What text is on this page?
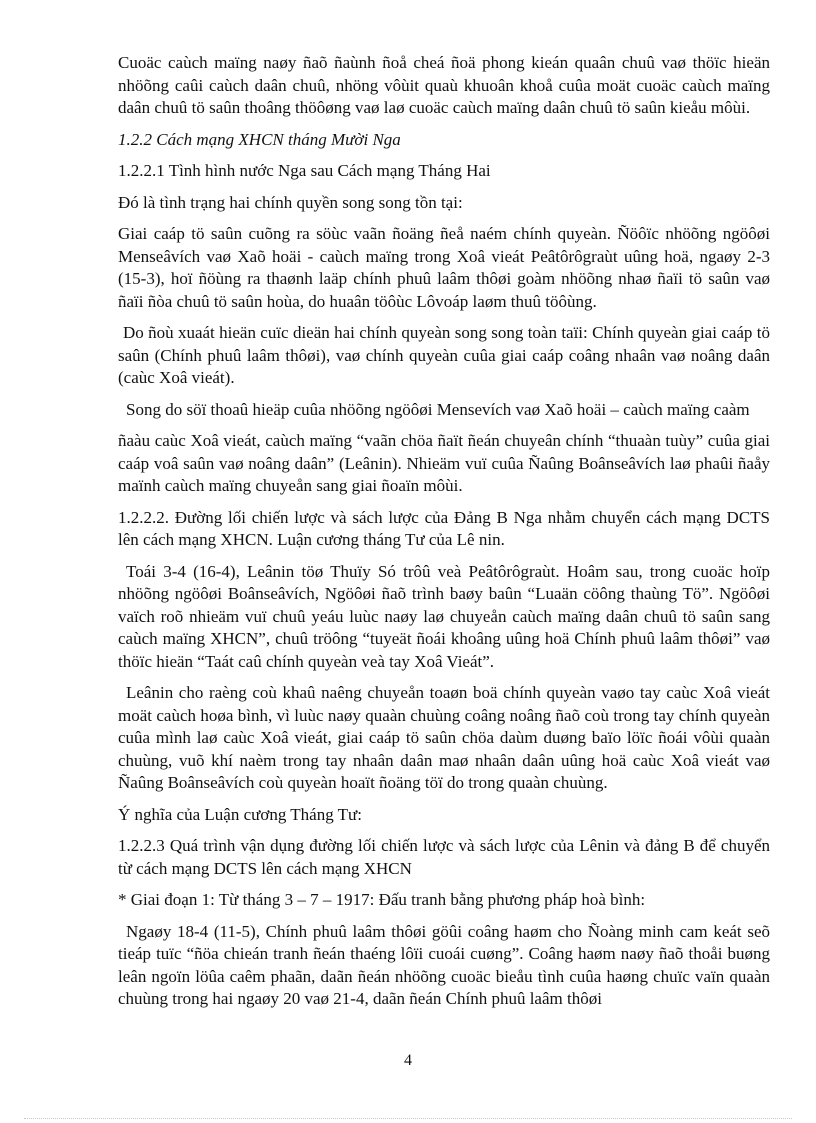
Cuoäc caùch maïng naøy ñaõ ñaùnh ñoå cheá ñoä phong kieán quaân chuû vaø thöïc hieän nhöõng caûi caùch daân chuû, nhöng vôùit quaù khuoân khoå cuûa moät cuoäc caùch maïng daân chuû tö saûn thoâng thöôøng vaø laø cuoäc caùch maïng daân chuû tö saûn kieåu môùi.

1.2.2 Cách mạng XHCN tháng Mười Nga

1.2.2.1 Tình hình nước Nga sau Cách mạng Tháng Hai

Đó là tình trạng hai chính quyền song song tồn tại:

Giai caáp tö saûn cuõng ra söùc vaãn ñoäng ñeå naém chính quyeàn. Ñöôïc nhöõng ngöôøi Menseâvích vaø Xaõ hoäi - caùch maïng trong Xoâ vieát Peâtôrôgraùt uûng hoä, ngaøy 2-3 (15-3), hoï ñöùng ra thaønh laäp chính phuû laâm thôøi goàm nhöõng nhaø ñaïi tö saûn vaø ñaïi ñòa chuû tö saûn hoùa, do huaân töôùc Lôvoáp laøm thuû töôùng.

Do ñoù xuaát hieän cuïc dieän hai chính quyeàn song song toàn taïi: Chính quyeàn giai caáp tö saûn (Chính phuû laâm thôøi), vaø chính quyeàn cuûa giai caáp coâng nhaân vaø noâng daân (caùc Xoâ vieát).

Song do söï thoaû hieäp cuûa nhöõng ngöôøi Mensevích vaø Xaõ hoäi – caùch maïng caàm

ñaàu caùc Xoâ vieát, caùch maïng “vaãn chöa ñaït ñeán chuyeân chính “thuaàn tuùy” cuûa giai caáp voâ saûn vaø noâng daân” (Leânin). Nhieäm vuï cuûa Ñaûng Boânseâvích laø phaûi ñaåy maïnh caùch maïng chuyeån sang giai ñoaïn môùi.

1.2.2.2. Đường lối chiến lược và sách lược của Đảng B Nga nhằm chuyển cách mạng DCTS lên cách mạng XHCN. Luận cương tháng Tư của Lê nin.

Toái 3-4 (16-4), Leânin töø Thuïy Só trôû veà Peâtôrôgraùt. Hoâm sau, trong cuoäc hoïp nhöõng ngöôøi Boânseâvích, Ngöôøi ñaõ trình baøy baûn “Luaän cöông thaùng Tö”. Ngöôøi vaïch roõ nhieäm vuï chuû yeáu luùc naøy laø chuyeån caùch maïng daân chuû tö saûn sang caùch maïng XHCN”, chuû tröông “tuyeät ñoái khoâng uûng hoä Chính phuû laâm thôøi” vaø thöïc hieän “Taát caû chính quyeàn veà tay Xoâ Vieát”.

Leânin cho raèng coù khaû naêng chuyeån toaøn boä chính quyeàn vaøo tay caùc Xoâ vieát moät caùch hoøa bình, vì luùc naøy quaàn chuùng coâng noâng ñaõ coù trong tay chính quyeàn cuûa mình laø caùc Xoâ vieát, giai caáp tö saûn chöa daùm duøng baïo löïc ñoái vôùi quaàn chuùng, vuõ khí naèm trong tay nhaân daân maø nhaân daân uûng hoä caùc Xoâ vieát vaø Ñaûng Boânseâvích coù quyeàn hoaït ñoäng töï do trong quaàn chuùng.

Ý nghĩa của Luận cương Tháng Tư:

1.2.2.3 Quá trình vận dụng đường lối chiến lược và sách lược của Lênin và đảng B để chuyển từ cách mạng DCTS lên cách mạng XHCN

* Giai đoạn 1: Từ tháng 3 – 7 – 1917: Đấu tranh bằng phương pháp hoà bình:

Ngaøy 18-4 (11-5), Chính phuû laâm thôøi göûi coâng haøm cho Ñoàng minh cam keát seõ tieáp tuïc “ñöa chieán tranh ñeán thaéng lôïi cuoái cuøng”. Coâng haøm naøy ñaõ thoåi buøng leân ngoïn löûa caêm phaãn, daãn ñeán nhöõng cuoäc bieåu tình cuûa haøng chuïc vaïn quaàn chuùng trong hai ngaøy 20 vaø 21-4, daãn ñeán Chính phuû laâm thôøi

4
